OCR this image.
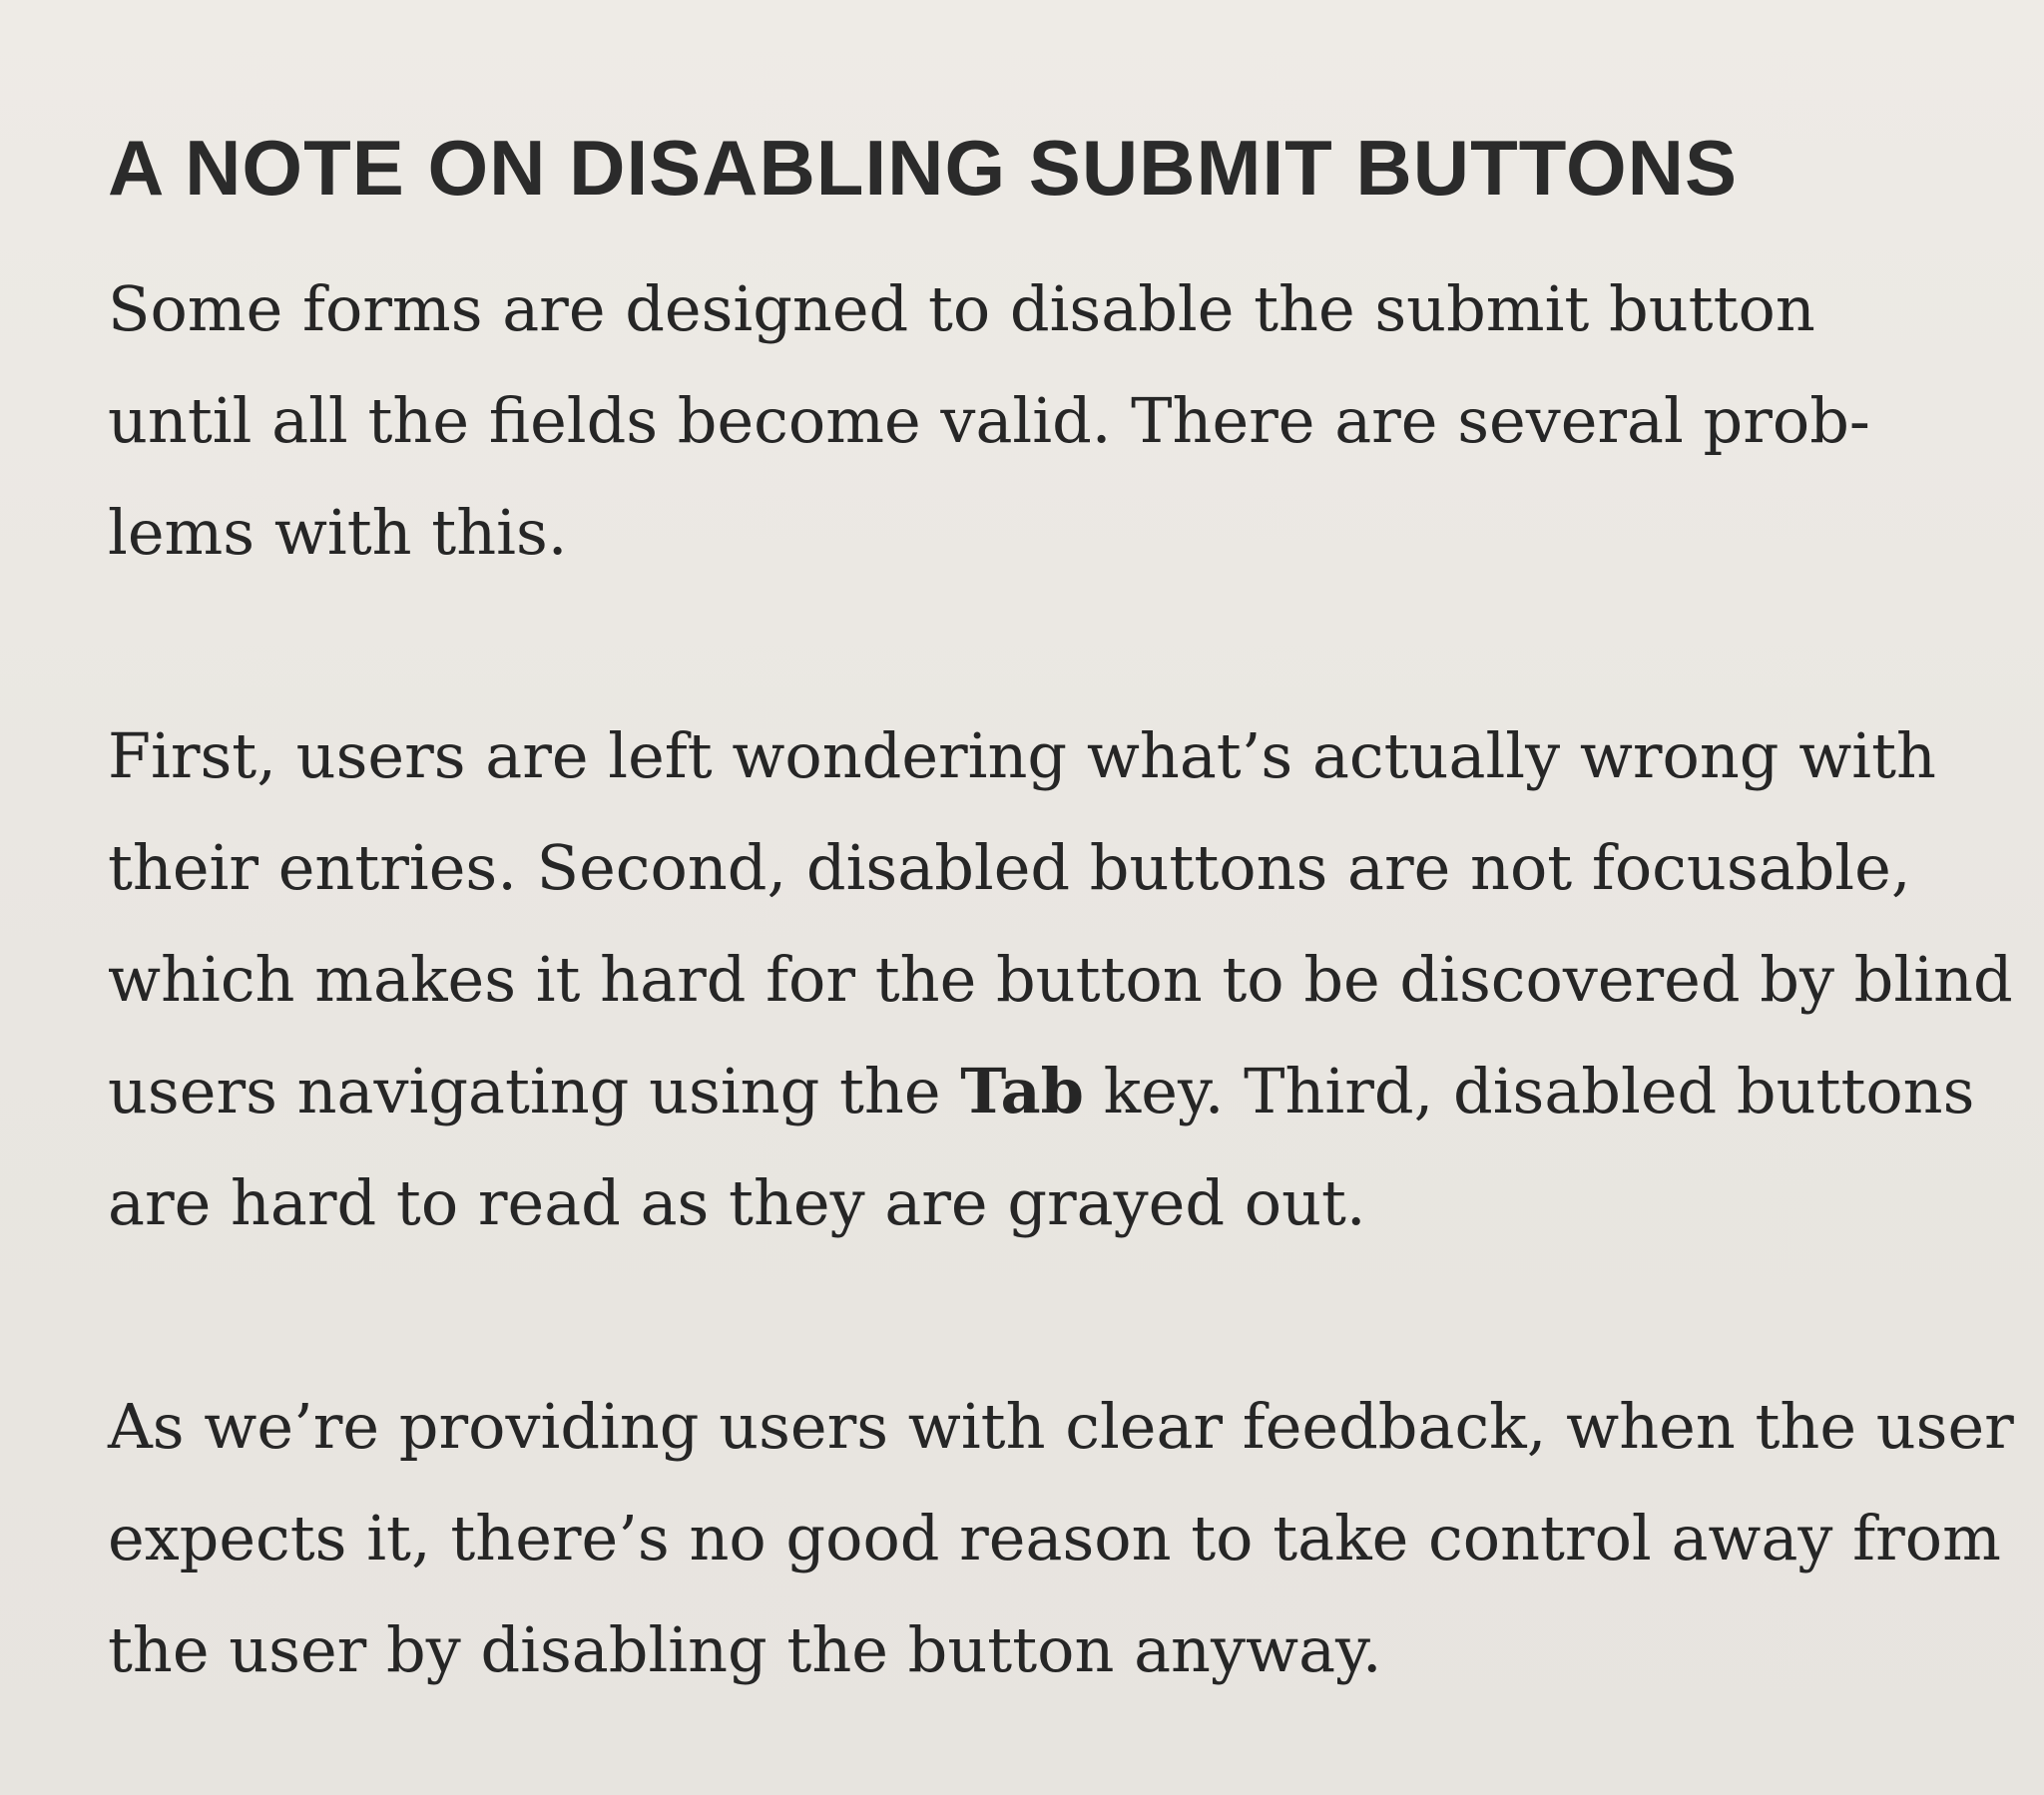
A NOTE ON DISABLING SUBMIT BUTTONS

Some forms are designed to disable the submit button
until all the fields become valid. There are several prob-
lems with this.

First, users are left wondering what’s actually wrong with
their entries. Second, disabled buttons are not focusable,
which makes it hard for the button to be discovered by blind
users navigating using the Tab key. Third, disabled buttons
are hard to read as they are grayed out.

As we’re providing users with clear feedback, when the user
expects it, there’s no good reason to take control away from
the user by disabling the button anyway.
